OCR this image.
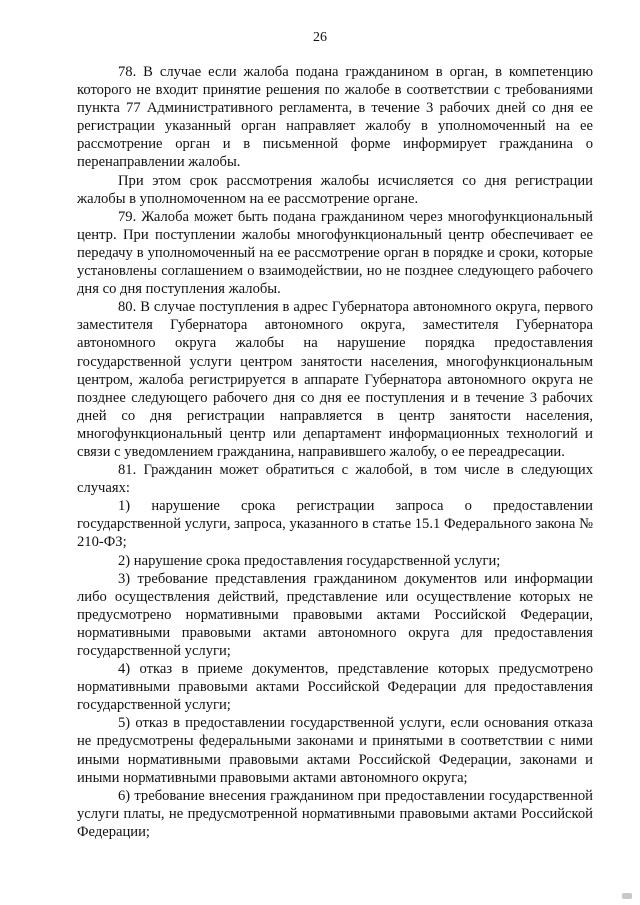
26

78. В случае если жалоба подана гражданином в орган, в компетенцию которого не входит принятие решения по жалобе в соответствии с требованиями пункта 77 Административного регламента, в течение 3 рабочих дней со дня ее регистрации указанный орган направляет жалобу в уполномоченный на ее рассмотрение орган и в письменной форме информирует гражданина о перенаправлении жалобы.

При этом срок рассмотрения жалобы исчисляется со дня регистрации жалобы в уполномоченном на ее рассмотрение органе.

79. Жалоба может быть подана гражданином через многофункциональный центр. При поступлении жалобы многофункциональный центр обеспечивает ее передачу в уполномоченный на ее рассмотрение орган в порядке и сроки, которые установлены соглашением о взаимодействии, но не позднее следующего рабочего дня со дня поступления жалобы.

80. В случае поступления в адрес Губернатора автономного округа, первого заместителя Губернатора автономного округа, заместителя Губернатора автономного округа жалобы на нарушение порядка предоставления государственной услуги центром занятости населения, многофункциональным центром, жалоба регистрируется в аппарате Губернатора автономного округа не позднее следующего рабочего дня со дня ее поступления и в течение 3 рабочих дней со дня регистрации направляется в центр занятости населения, многофункциональный центр или департамент информационных технологий и связи с уведомлением гражданина, направившего жалобу, о ее переадресации.

81. Гражданин может обратиться с жалобой, в том числе в следующих случаях:

1) нарушение срока регистрации запроса о предоставлении государственной услуги, запроса, указанного в статье 15.1 Федерального закона № 210-ФЗ;

2) нарушение срока предоставления государственной услуги;

3) требование представления гражданином документов или информации либо осуществления действий, представление или осуществление которых не предусмотрено нормативными правовыми актами Российской Федерации, нормативными правовыми актами автономного округа для предоставления государственной услуги;

4) отказ в приеме документов, представление которых предусмотрено нормативными правовыми актами Российской Федерации для предоставления государственной услуги;

5) отказ в предоставлении государственной услуги, если основания отказа не предусмотрены федеральными законами и принятыми в соответствии с ними иными нормативными правовыми актами Российской Федерации, законами и иными нормативными правовыми актами автономного округа;

6) требование внесения гражданином при предоставлении государственной услуги платы, не предусмотренной нормативными правовыми актами Российской Федерации;
